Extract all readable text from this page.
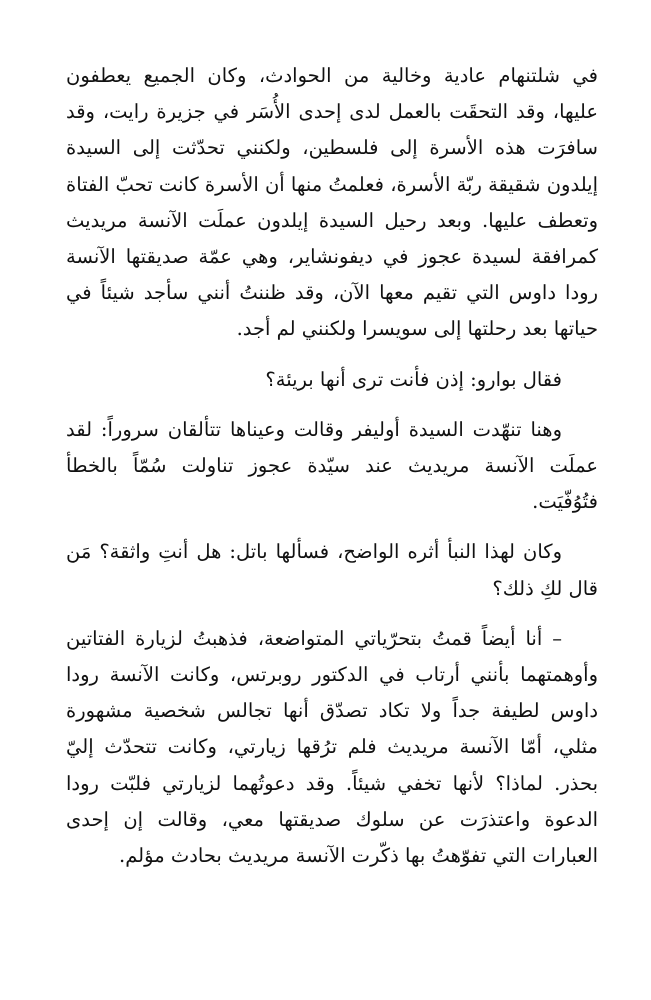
في شلتنهام عادية وخالية من الحوادث، وكان الجميع يعطفون عليها، وقد التحقَت بالعمل لدى إحدى الأُسَر في جزيرة رايت، وقد سافرَت هذه الأسرة إلى فلسطين، ولكنني تحدّثت إلى السيدة إيلدون شقيقة ربّة الأسرة، فعلمتُ منها أن الأسرة كانت تحبّ الفتاة وتعطف عليها. وبعد رحيل السيدة إيلدون عملَت الآنسة مريديث كمرافقة لسيدة عجوز في ديفونشاير، وهي عمّة صديقتها الآنسة رودا داوس التي تقيم معها الآن، وقد ظننتُ أنني سأجد شيئاً في حياتها بعد رحلتها إلى سويسرا ولكنني لم أجد.

فقال بوارو: إذن فأنت ترى أنها بريئة؟

وهنا تنهّدت السيدة أوليفر وقالت وعيناها تتألقان سروراً: لقد عملَت الآنسة مريديث عند سيّدة عجوز تناولت سُمّاً بالخطأ فتُوُفّيَت.

وكان لهذا النبأ أثره الواضح، فسألها باتل: هل أنتِ واثقة؟ مَن قال لكِ ذلك؟

– أنا أيضاً قمتُ بتحرّياتي المتواضعة، فذهبتُ لزيارة الفتاتين وأوهمتهما بأنني أرتاب في الدكتور روبرتس، وكانت الآنسة رودا داوس لطيفة جداً ولا تكاد تصدّق أنها تجالس شخصية مشهورة مثلي، أمّا الآنسة مريديث فلم ترُقها زيارتي، وكانت تتحدّث إليّ بحذر. لماذا؟ لأنها تخفي شيئاً. وقد دعوتُهما لزيارتي فلبّت رودا الدعوة واعتذرَت عن سلوك صديقتها معي، وقالت إن إحدى العبارات التي تفوّهتُ بها ذكّرت الآنسة مريديث بحادث مؤلم.
